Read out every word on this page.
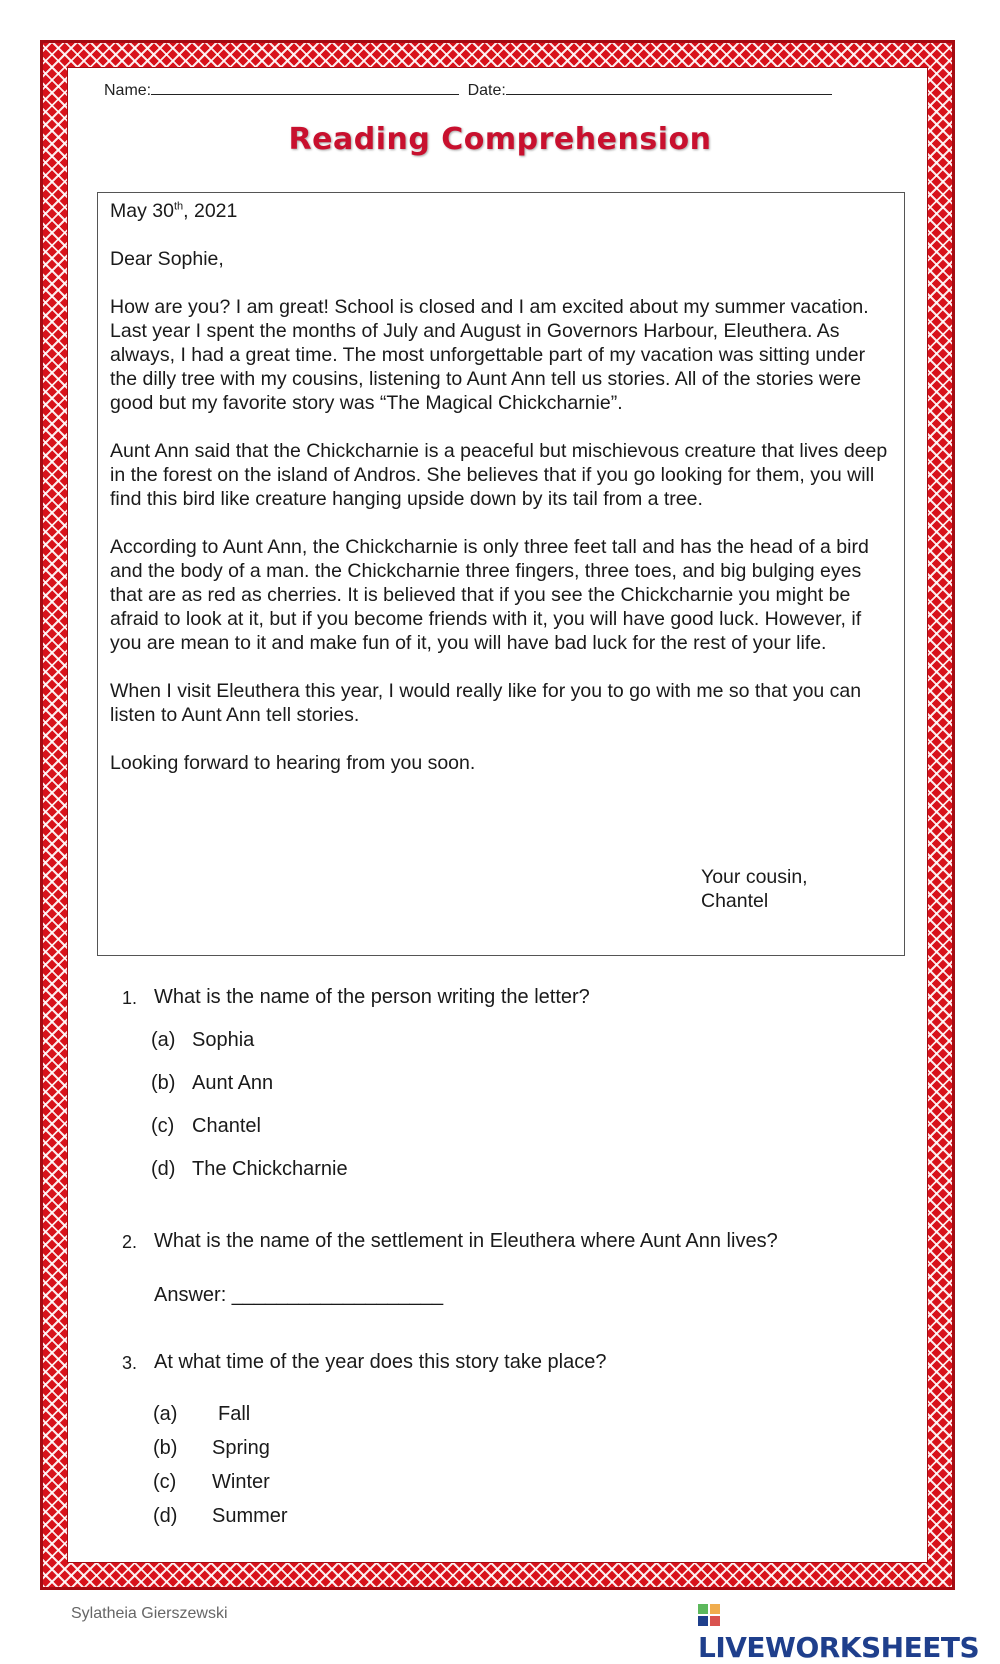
Name:	Date:
Reading Comprehension

May 30th, 2021

Dear Sophie,

How are you? I am great! School is closed and I am excited about my summer vacation. Last year I spent the months of July and August in Governors Harbour, Eleuthera. As always, I had a great time. The most unforgettable part of my vacation was sitting under the dilly tree with my cousins, listening to Aunt Ann tell us stories. All of the stories were good but my favorite story was “The Magical Chickcharnie”.

Aunt Ann said that the Chickcharnie is a peaceful but mischievous creature that lives deep in the forest on the island of Andros. She believes that if you go looking for them, you will find this bird like creature hanging upside down by its tail from a tree.

According to Aunt Ann, the Chickcharnie is only three feet tall and has the head of a bird and the body of a man. the Chickcharnie three fingers, three toes, and big bulging eyes that are as red as cherries. It is believed that if you see the Chickcharnie you might be afraid to look at it, but if you become friends with it, you will have good luck. However, if you are mean to it and make fun of it, you will have bad luck for the rest of your life.

When I visit Eleuthera this year, I would really like for you to go with me so that you can listen to Aunt Ann tell stories.

Looking forward to hearing from you soon.

Your cousin,
Chantel
1. What is the name of the person writing the letter?
(a) Sophia
(b) Aunt Ann
(c) Chantel
(d) The Chickcharnie
2. What is the name of the settlement in Eleuthera where Aunt Ann lives?
Answer: ___________________
3. At what time of the year does this story take place?
(a) Fall
(b) Spring
(c) Winter
(d) Summer
Sylatheia Gierszewski
LIVEWORKSHEETS
